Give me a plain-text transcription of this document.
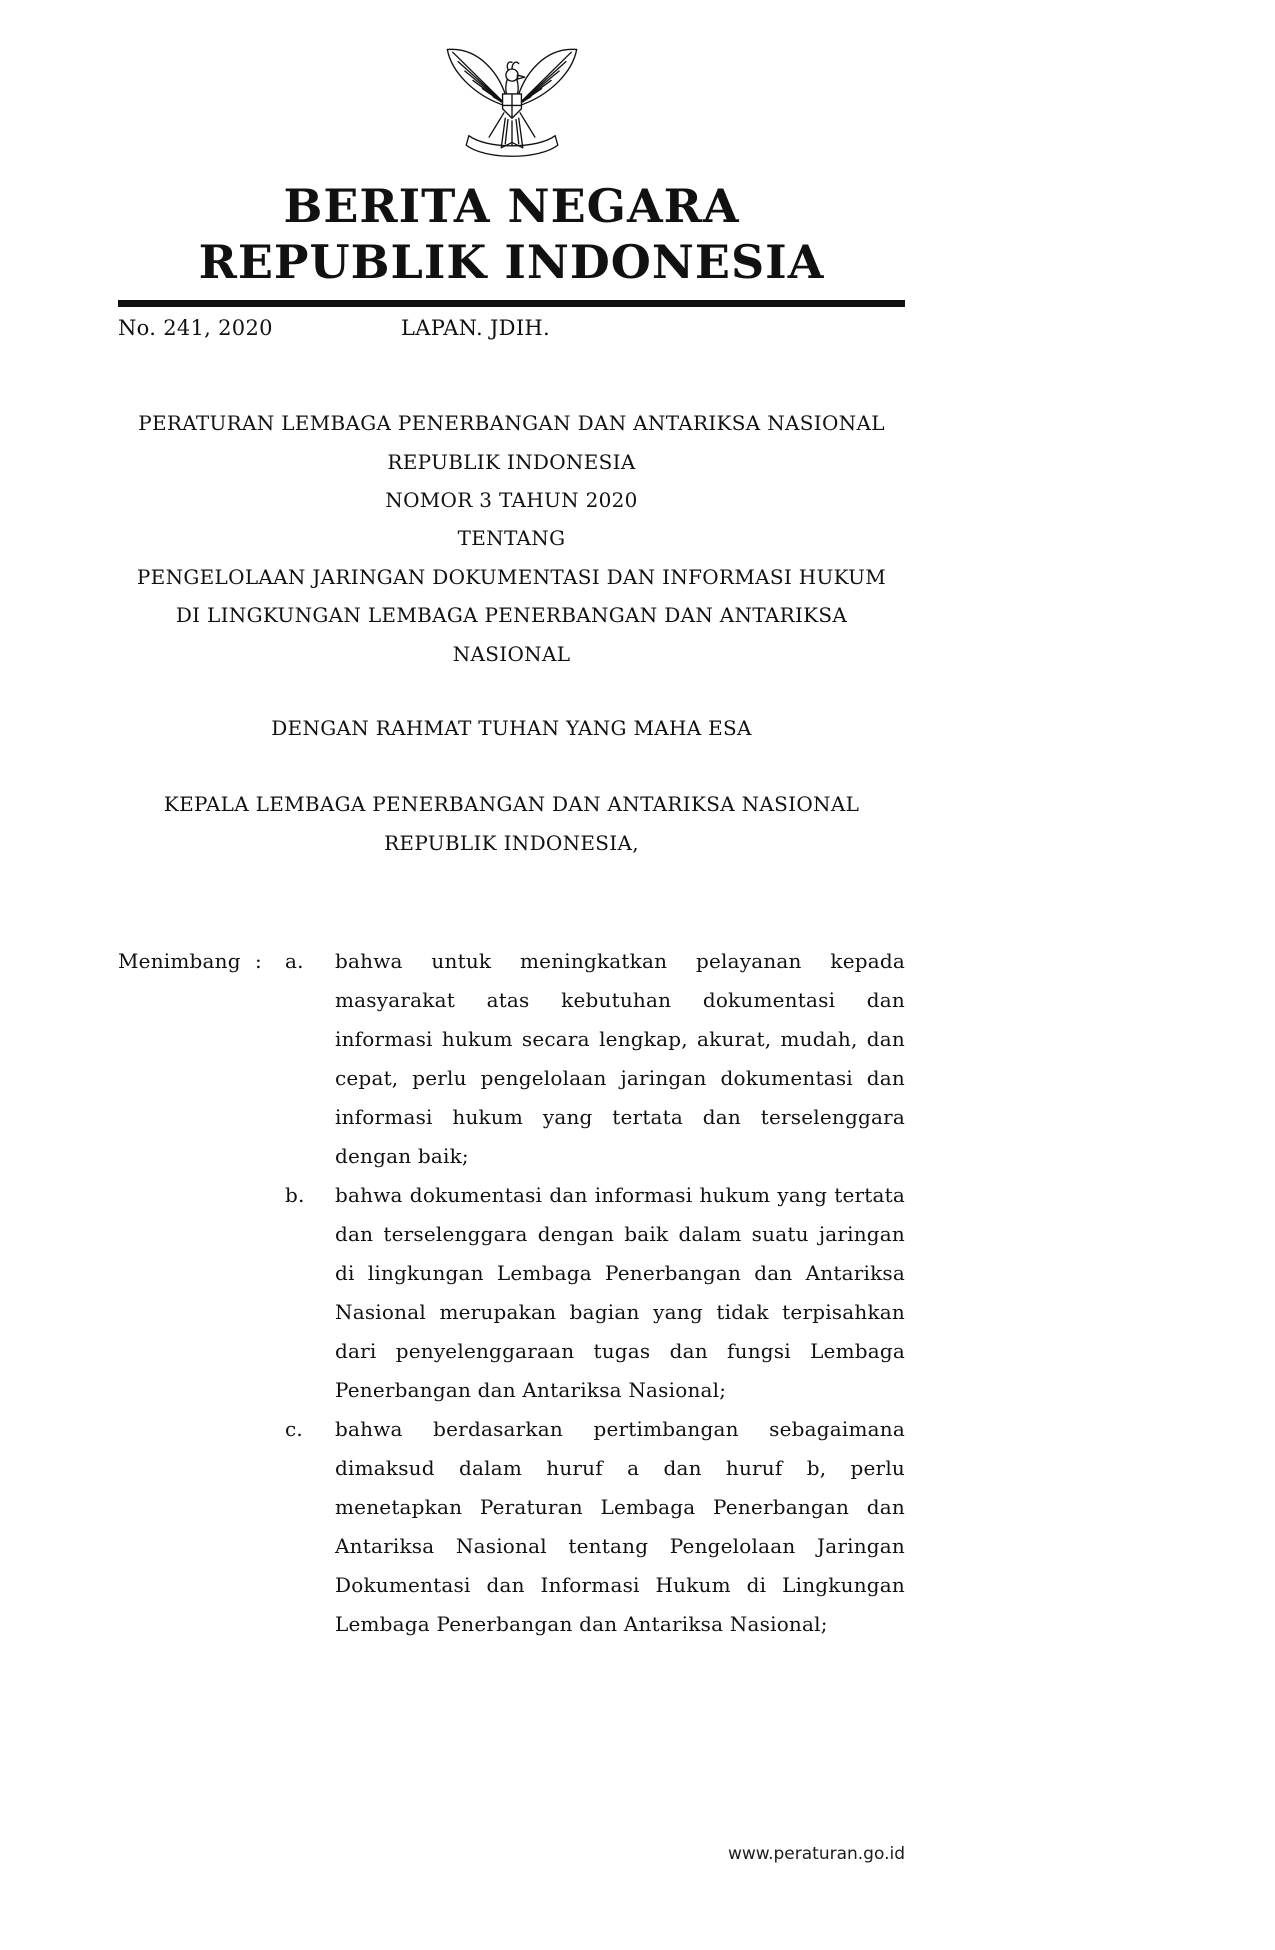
BERITA NEGARA
REPUBLIK INDONESIA
No. 241, 2020	LAPAN. JDIH.
PERATURAN LEMBAGA PENERBANGAN DAN ANTARIKSA NASIONAL
REPUBLIK INDONESIA
NOMOR 3 TAHUN 2020
TENTANG
PENGELOLAAN JARINGAN DOKUMENTASI DAN INFORMASI HUKUM
DI LINGKUNGAN LEMBAGA PENERBANGAN DAN ANTARIKSA NASIONAL
DENGAN RAHMAT TUHAN YANG MAHA ESA
KEPALA LEMBAGA PENERBANGAN DAN ANTARIKSA NASIONAL
REPUBLIK INDONESIA,
Menimbang :	a.	bahwa untuk meningkatkan pelayanan kepada masyarakat atas kebutuhan dokumentasi dan informasi hukum secara lengkap, akurat, mudah, dan cepat, perlu pengelolaan jaringan dokumentasi dan informasi hukum yang tertata dan terselenggara dengan baik;
b.	bahwa dokumentasi dan informasi hukum yang tertata dan terselenggara dengan baik dalam suatu jaringan di lingkungan Lembaga Penerbangan dan Antariksa Nasional merupakan bagian yang tidak terpisahkan dari penyelenggaraan tugas dan fungsi Lembaga Penerbangan dan Antariksa Nasional;
c.	bahwa berdasarkan pertimbangan sebagaimana dimaksud dalam huruf a dan huruf b, perlu menetapkan Peraturan Lembaga Penerbangan dan Antariksa Nasional tentang Pengelolaan Jaringan Dokumentasi dan Informasi Hukum di Lingkungan Lembaga Penerbangan dan Antariksa Nasional;
www.peraturan.go.id
